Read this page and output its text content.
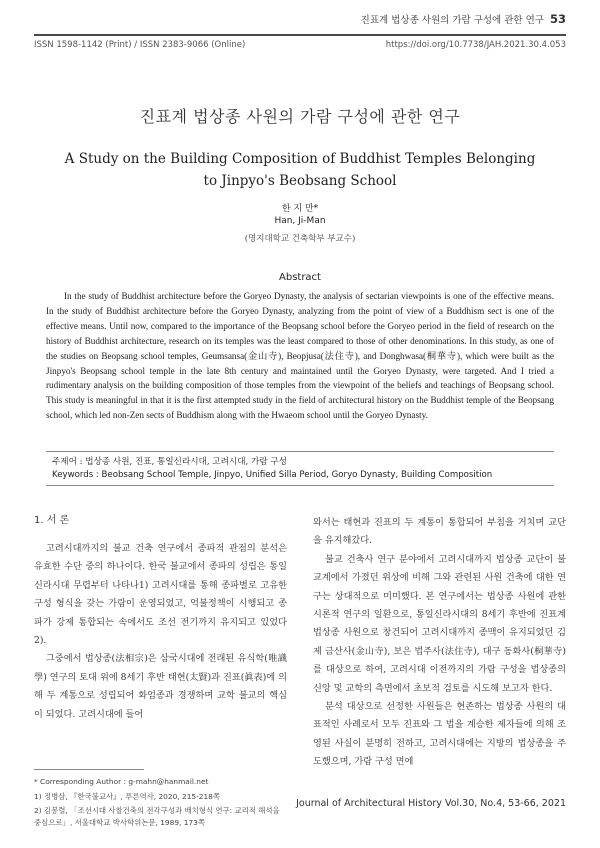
진표계 법상종 사원의 가람 구성에 관한 연구 53
ISSN 1598-1142 (Print) / ISSN 2383-9066 (Online)	https://doi.org/10.7738/JAH.2021.30.4.053
진표계 법상종 사원의 가람 구성에 관한 연구
A Study on the Building Composition of Buddhist Temples Belonging to Jinpyo's Beobsang School
한 지 만*
Han, Ji-Man
(명지대학교 건축학부 부교수)
Abstract
In the study of Buddhist architecture before the Goryeo Dynasty, the analysis of sectarian viewpoints is one of the effective means. In the study of Buddhist architecture before the Goryeo Dynasty, analyzing from the point of view of a Buddhism sect is one of the effective means. Until now, compared to the importance of the Beopsang school before the Goryeo period in the field of research on the history of Buddhist architecture, research on its temples was the least compared to those of other denominations. In this study, as one of the studies on Beopsang school temples, Geumsansa(金山寺), Beopjusa(法住寺), and Donghwasa(桐華寺), which were built as the Jinpyo's Beopsang school temple in the late 8th century and maintained until the Goryeo Dynasty, were targeted. And I tried a rudimentary analysis on the building composition of those temples from the viewpoint of the beliefs and teachings of Beopsang school. This study is meaningful in that it is the first attempted study in the field of architectural history on the Buddhist temple of the Beopsang school, which led non-Zen sects of Buddhism along with the Hwaeom school until the Goryeo Dynasty.
주제어 : 법상종 사원, 진표, 통일신라시대, 고려시대, 가람 구성
Keywords : Beobsang School Temple, Jinpyo, Unified Silla Period, Goryo Dynasty, Building Composition
1. 서 론

고려시대까지의 불교 건축 연구에서 종파적 관점의 분석은 유효한 수단 중의 하나이다. 한국 불교에서 종파의 성립은 통일신라시대 무렵부터 나타나1) 고려시대를 통해 종파별로 고유한 구성 형식을 갖는 가람이 운영되었고, 억불정책이 시행되고 종파가 강제 통합되는 속에서도 조선 전기까지 유지되고 있었다2).

그중에서 법상종(法相宗)은 삼국시대에 전래된 유식학(唯識學) 연구의 토대 위에 8세기 후반 태현(太賢)과 진표(眞表)에 의해 두 계통으로 성립되어 화엄종과 경쟁하며 교학 불교의 핵심이 되었다. 고려시대에 들어

와서는 태현과 진표의 두 계통이 통합되어 부침을 거치며 교단을 유지해갔다.

불교 건축사 연구 분야에서 고려시대까지 법상종 교단이 불교계에서 가졌던 위상에 비해 그와 관련된 사원 건축에 대한 연구는 상대적으로 미미했다. 본 연구에서는 법상종 사원에 관한 시론적 연구의 일환으로, 통일신라시대의 8세기 후반에 진표계 법상종 사원으로 창건되어 고려시대까지 종맥이 유지되었던 김제 금산사(金山寺), 보은 법주사(法住寺), 대구 동화사(桐華寺)를 대상으로 하여, 고려시대 이전까지의 가람 구성을 법상종의 신앙 및 교학의 측면에서 초보적 검토를 시도해 보고자 한다.

분석 대상으로 선정한 사원들은 현존하는 법상종 사원의 대표적인 사례로서 모두 진표와 그 법을 계승한 제자들에 의해 조영된 사실이 분명히 전하고, 고려시대에는 지방의 법상종을 주도했으며, 가람 구성 면에

* Corresponding Author : g-mahn@hanmail.net

1) 정병삼, 『한국불교사』, 푸른역사, 2020, 215-218쪽

2) 김봉렬, 「조선시대 사찰건축의 전각구성과 배치형식 연구: 교리적 해석을 중심으로」, 서울대학교 박사학위논문, 1989, 173쪽

Journal of Architectural History Vol.30, No.4, 53-66, 2021
